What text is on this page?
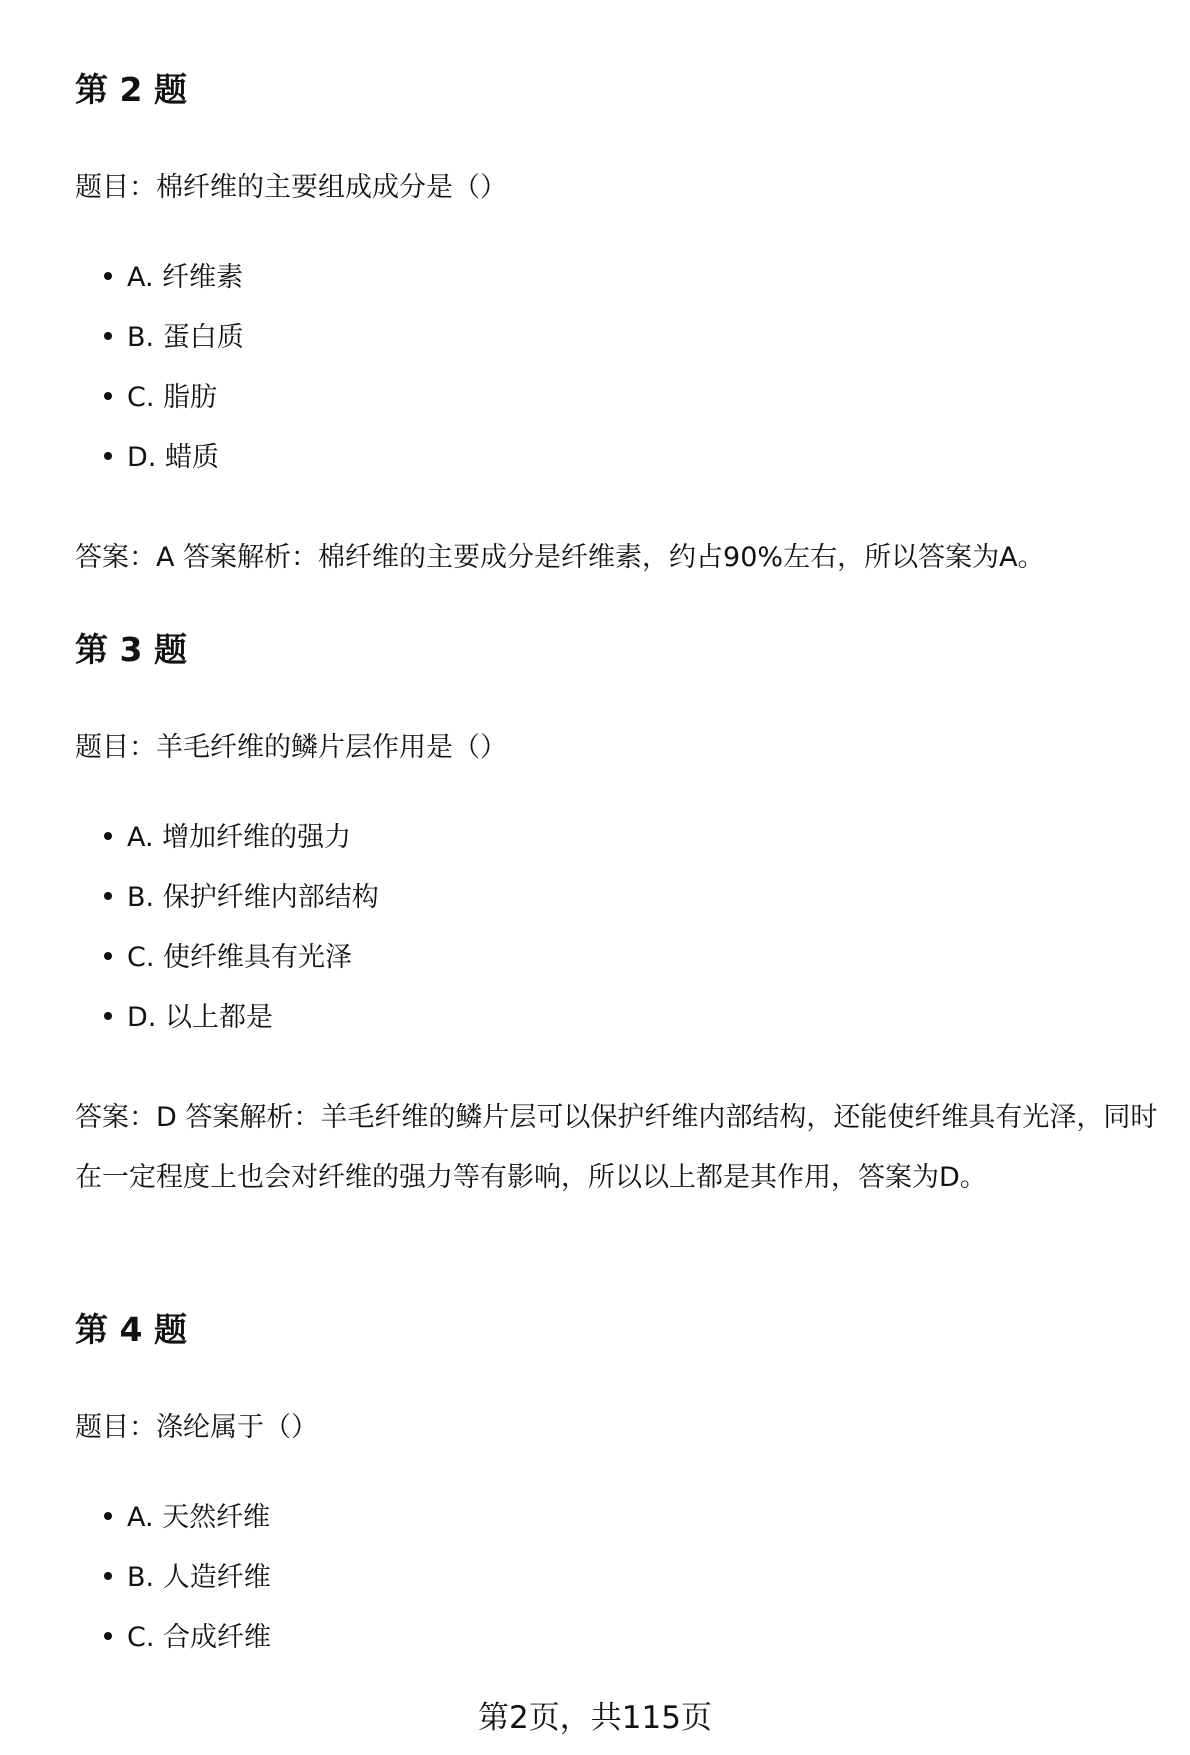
第 2 题
题目：棉纤维的主要组成成分是（）
A. 纤维素
B. 蛋白质
C. 脂肪
D. 蜡质
答案：A 答案解析：棉纤维的主要成分是纤维素，约占90%左右，所以答案为A。
第 3 题
题目：羊毛纤维的鳞片层作用是（）
A. 增加纤维的强力
B. 保护纤维内部结构
C. 使纤维具有光泽
D. 以上都是
答案：D 答案解析：羊毛纤维的鳞片层可以保护纤维内部结构，还能使纤维具有光泽，同时在一定程度上也会对纤维的强力等有影响，所以以上都是其作用，答案为D。
第 4 题
题目：涤纶属于（）
A. 天然纤维
B. 人造纤维
C. 合成纤维
第2页，共115页
